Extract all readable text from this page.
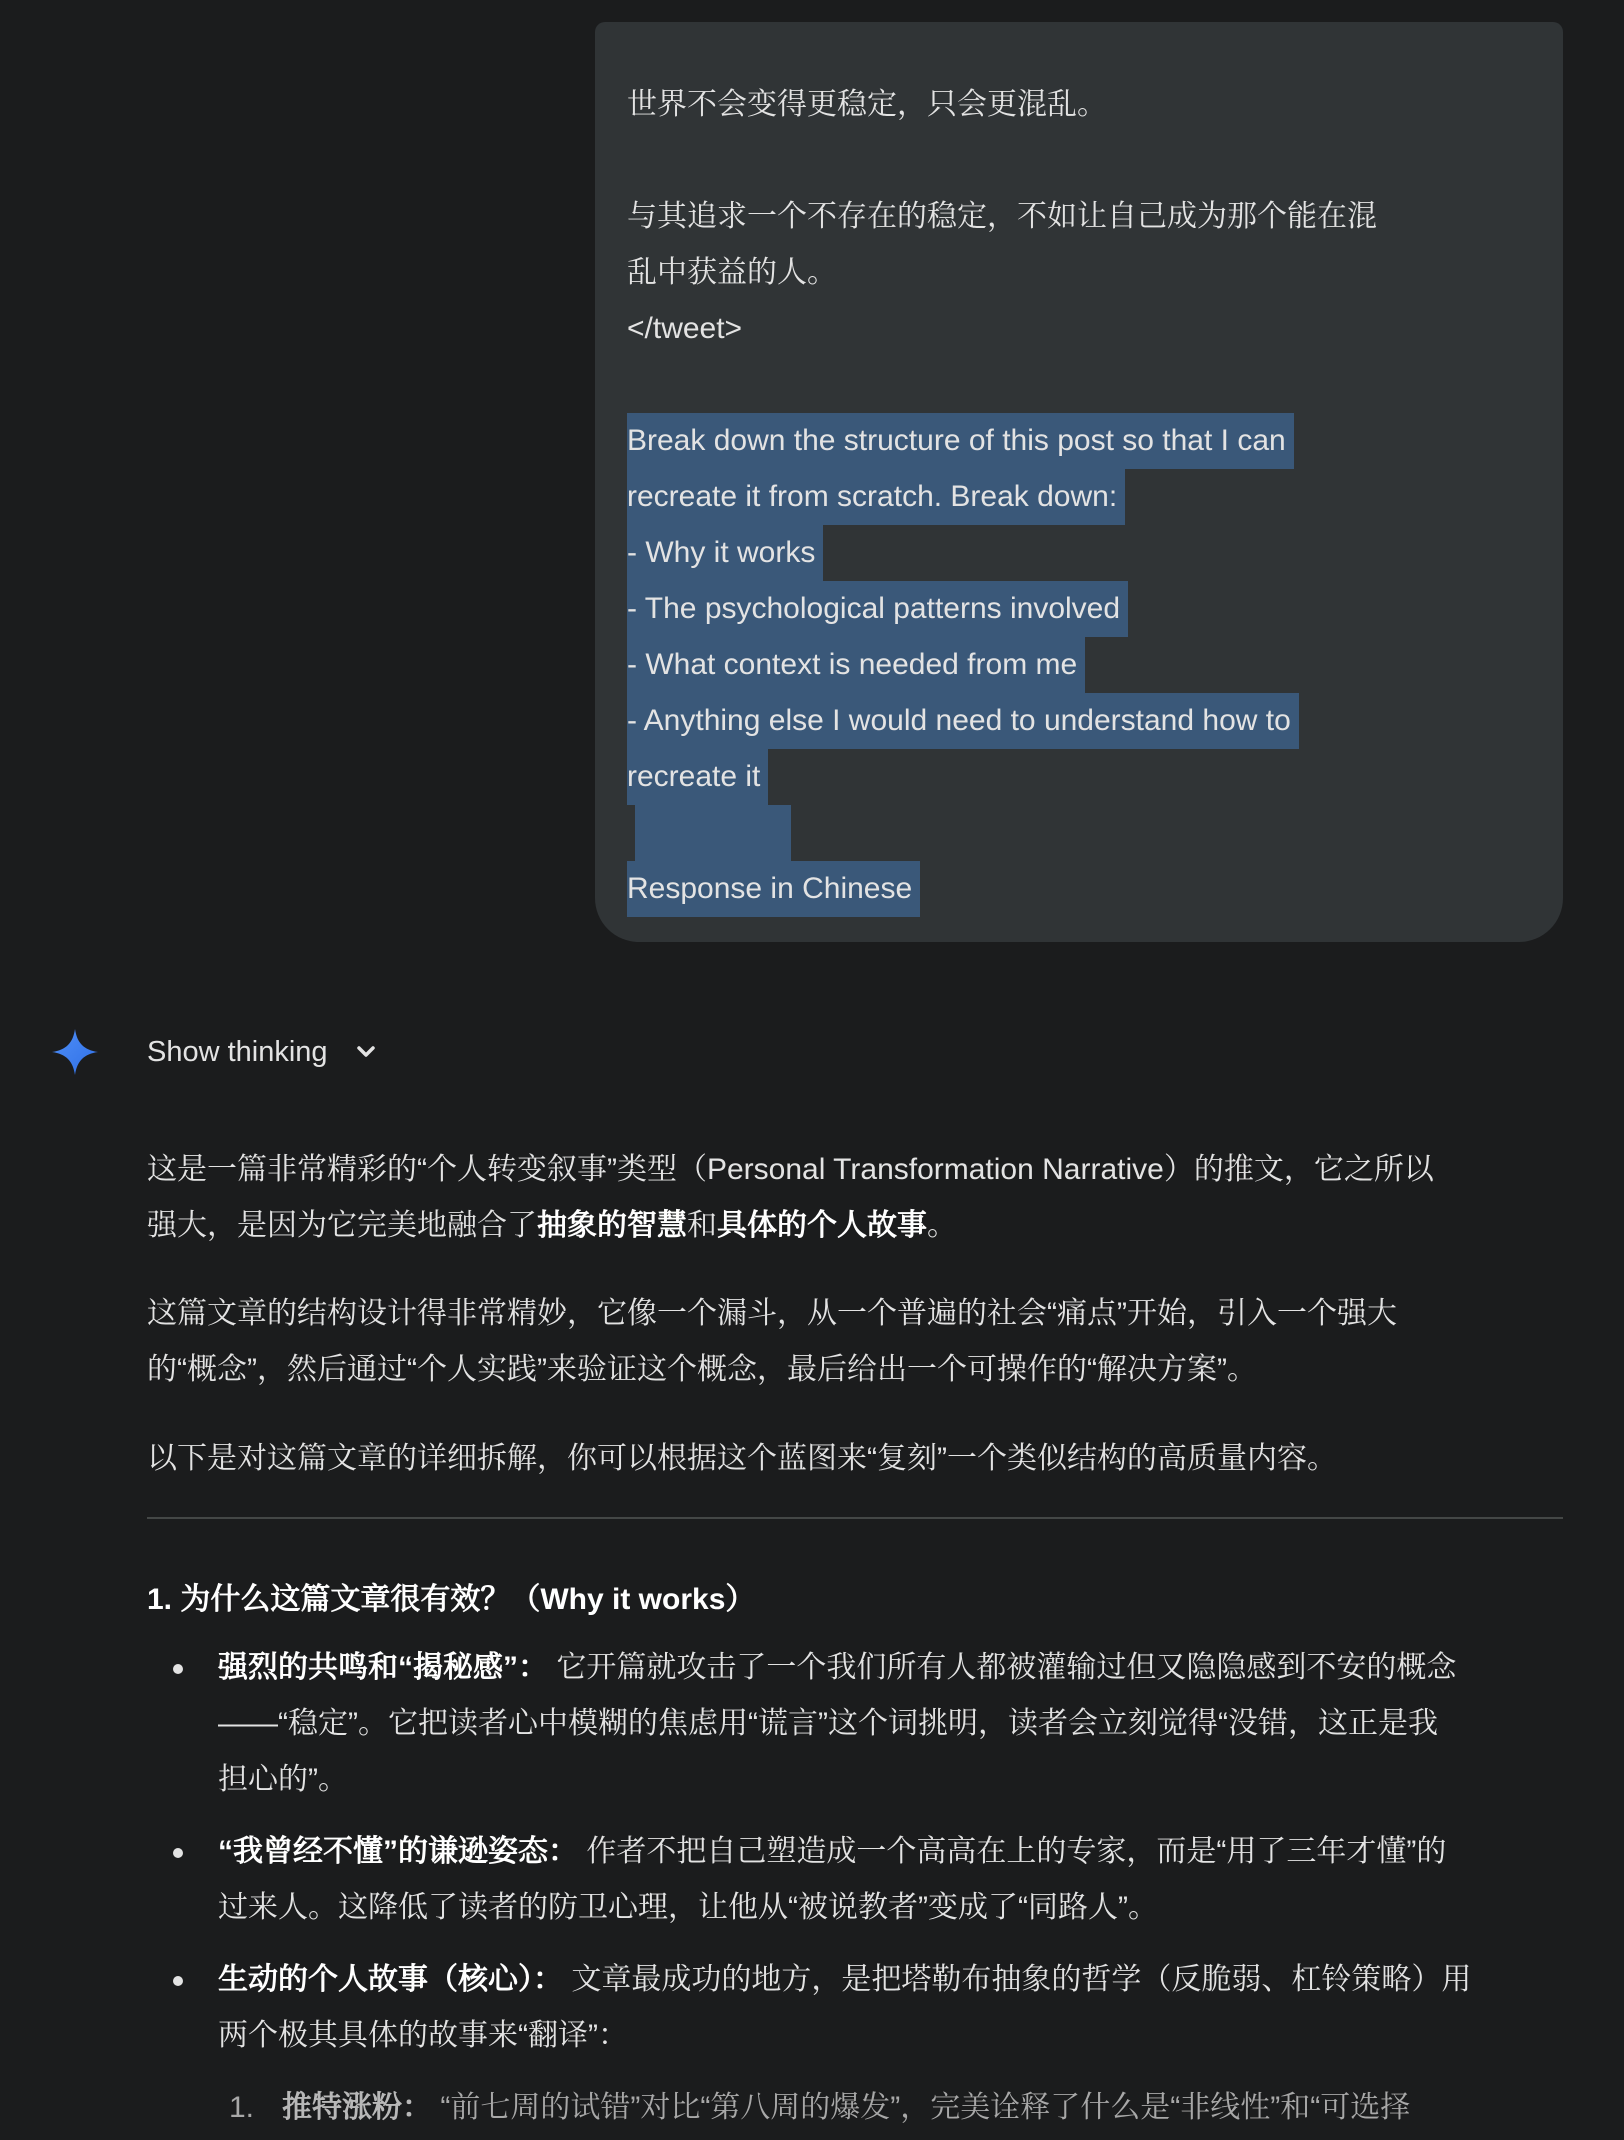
世界不会变得更稳定，只会更混乱。
与其追求一个不存在的稳定，不如让自己成为那个能在混
乱中获益的人。
</tweet>
Break down the structure of this post so that I can
recreate it from scratch. Break down:
- Why it works
- The psychological patterns involved
- What context is needed from me
- Anything else I would need to understand how to
recreate it
Response in Chinese
Show thinking
这是一篇非常精彩的“个人转变叙事”类型（Personal Transformation Narrative）的推文，它之所以
强大，是因为它完美地融合了抽象的智慧和具体的个人故事。
这篇文章的结构设计得非常精妙，它像一个漏斗，从一个普遍的社会“痛点”开始，引入一个强大
的“概念”，然后通过“个人实践”来验证这个概念，最后给出一个可操作的“解决方案”。
以下是对这篇文章的详细拆解，你可以根据这个蓝图来“复刻”一个类似结构的高质量内容。
1. 为什么这篇文章很有效？（Why it works）
强烈的共鸣和“揭秘感”： 它开篇就攻击了一个我们所有人都被灌输过但又隐隐感到不安的概念
——“稳定”。它把读者心中模糊的焦虑用“谎言”这个词挑明，读者会立刻觉得“没错，这正是我
担心的”。
“我曾经不懂”的谦逊姿态： 作者不把自己塑造成一个高高在上的专家，而是“用了三年才懂”的
过来人。这降低了读者的防卫心理，让他从“被说教者”变成了“同路人”。
生动的个人故事（核心）： 文章最成功的地方，是把塔勒布抽象的哲学（反脆弱、杠铃策略）用
两个极其具体的故事来“翻译”：
1. 推特涨粉： “前七周的试错”对比“第八周的爆发”，完美诠释了什么是“非线性”和“可选择
